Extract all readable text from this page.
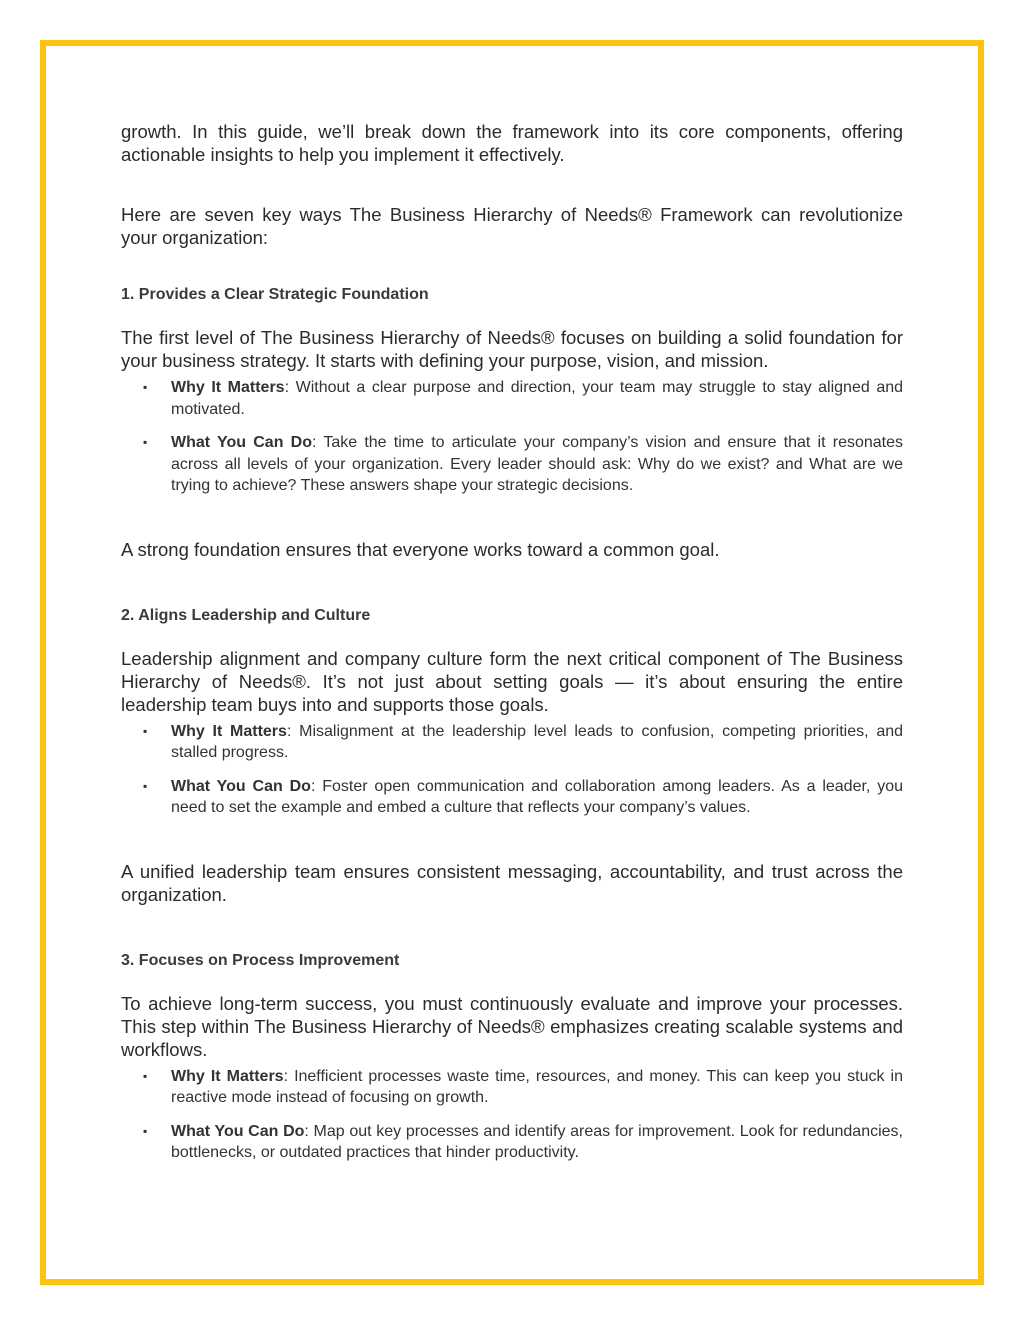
growth. In this guide, we’ll break down the framework into its core components, offering actionable insights to help you implement it effectively.

Here are seven key ways The Business Hierarchy of Needs® Framework can revolutionize your organization:

1. Provides a Clear Strategic Foundation

The first level of The Business Hierarchy of Needs® focuses on building a solid foundation for your business strategy. It starts with defining your purpose, vision, and mission.

▪ Why It Matters: Without a clear purpose and direction, your team may struggle to stay aligned and motivated.
▪ What You Can Do: Take the time to articulate your company’s vision and ensure that it resonates across all levels of your organization. Every leader should ask: Why do we exist? and What are we trying to achieve? These answers shape your strategic decisions.

A strong foundation ensures that everyone works toward a common goal.

2. Aligns Leadership and Culture

Leadership alignment and company culture form the next critical component of The Business Hierarchy of Needs®. It’s not just about setting goals — it’s about ensuring the entire leadership team buys into and supports those goals.

▪ Why It Matters: Misalignment at the leadership level leads to confusion, competing priorities, and stalled progress.
▪ What You Can Do: Foster open communication and collaboration among leaders. As a leader, you need to set the example and embed a culture that reflects your company’s values.

A unified leadership team ensures consistent messaging, accountability, and trust across the organization.

3. Focuses on Process Improvement

To achieve long-term success, you must continuously evaluate and improve your processes. This step within The Business Hierarchy of Needs® emphasizes creating scalable systems and workflows.

▪ Why It Matters: Inefficient processes waste time, resources, and money. This can keep you stuck in reactive mode instead of focusing on growth.
▪ What You Can Do: Map out key processes and identify areas for improvement. Look for redundancies, bottlenecks, or outdated practices that hinder productivity.
